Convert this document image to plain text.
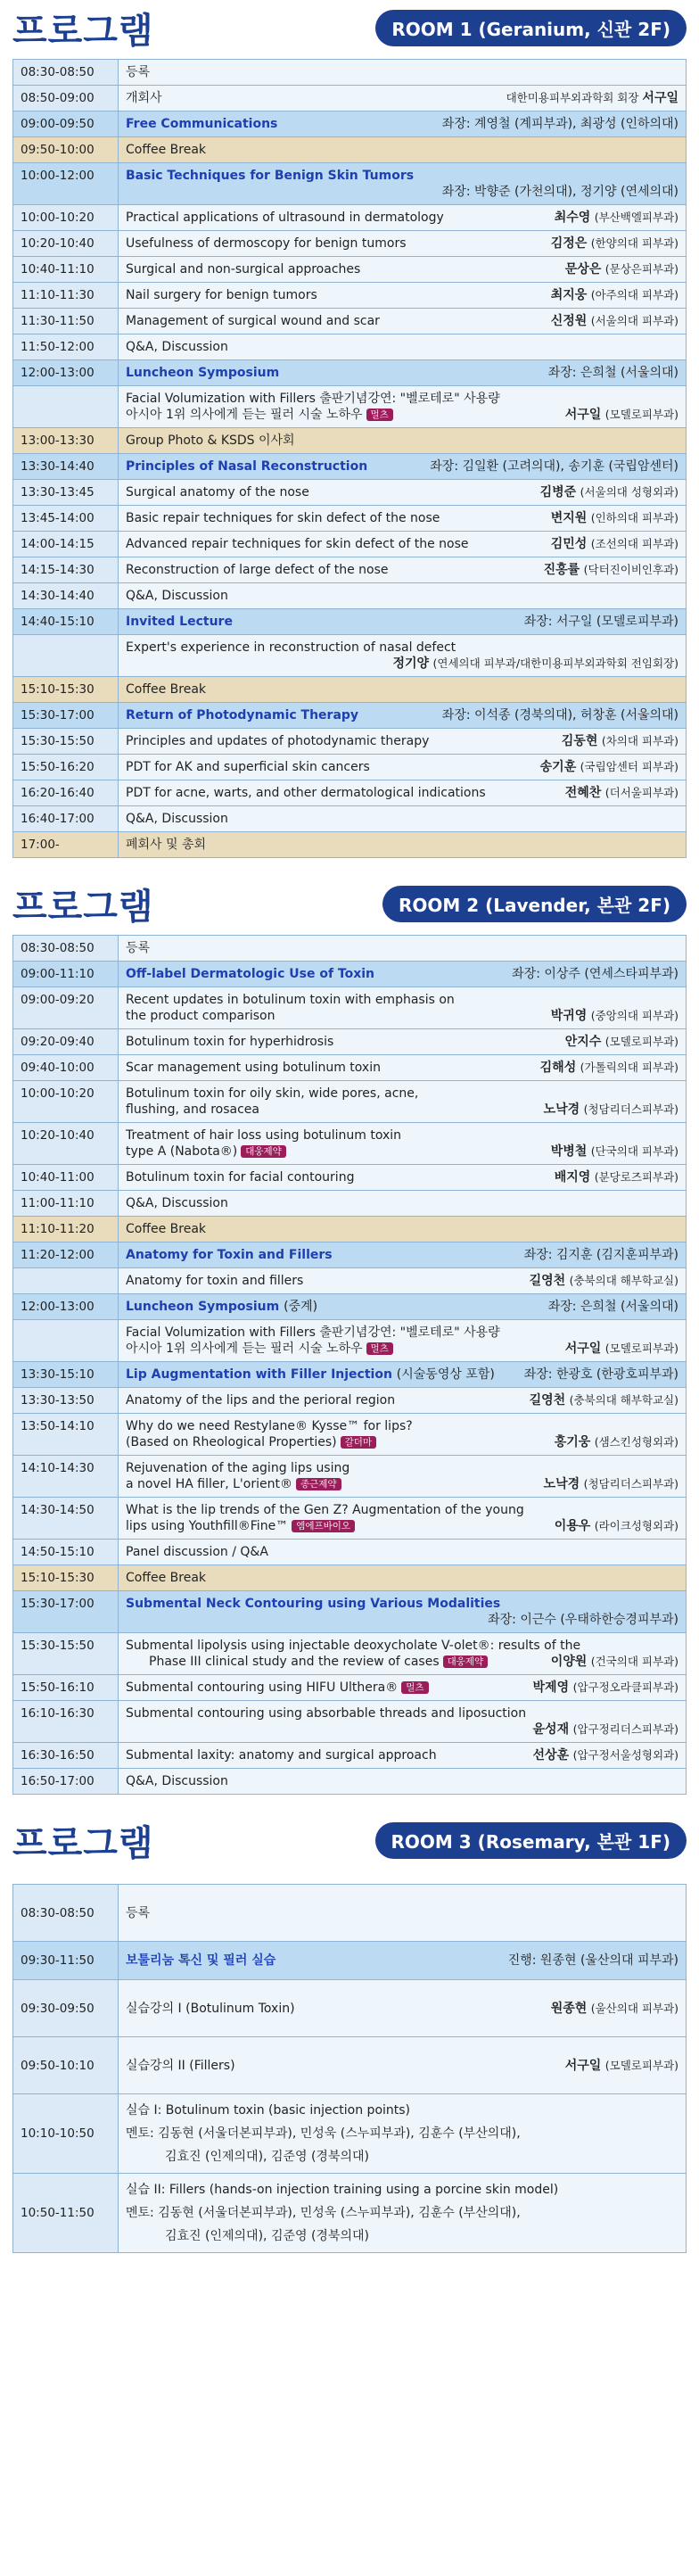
프로그램	ROOM 1 (Geranium, 신관 2F)
08:30-08:50	등록
08:50-09:00	개회사 대한미용피부외과학회 회장 서구일

09:00-09:50	Free Communications 좌장: 계영철 (계피부과), 최광성 (인하의대)

09:50-10:00	Coffee Break
10:00-12:00	Basic Techniques for Benign Skin Tumors
좌장: 박향준 (가천의대), 정기양 (연세의대)

10:00-10:20	Practical applications of ultrasound in dermatology 최수영 (부산백엘피부과)

10:20-10:40	Usefulness of dermoscopy for benign tumors 김정은 (한양의대 피부과)

10:40-11:10	Surgical and non-surgical approaches 문상은 (문상은피부과)

11:10-11:30	Nail surgery for benign tumors 최지웅 (아주의대 피부과)

11:30-11:50	Management of surgical wound and scar 신정원 (서울의대 피부과)

11:50-12:00	Q&A, Discussion
12:00-13:00	Luncheon Symposium 좌장: 은희철 (서울의대)

	Facial Volumization with Fillers 출판기념강연: "벨로테로" 사용량
아시아 1위 의사에게 듣는 필러 시술 노하우 멀츠 서구일 (모델로피부과)

13:00-13:30	Group Photo & KSDS 이사회
13:30-14:40	Principles of Nasal Reconstruction 좌장: 김일환 (고려의대), 송기훈 (국립암센터)

13:30-13:45	Surgical anatomy of the nose 김병준 (서울의대 성형외과)

13:45-14:00	Basic repair techniques for skin defect of the nose 변지원 (인하의대 피부과)

14:00-14:15	Advanced repair techniques for skin defect of the nose 김민성 (조선의대 피부과)

14:15-14:30	Reconstruction of large defect of the nose 진홍률 (닥터진이비인후과)

14:30-14:40	Q&A, Discussion
14:40-15:10	Invited Lecture 좌장: 서구일 (모델로피부과)

	Expert's experience in reconstruction of nasal defect
정기양 (연세의대 피부과/대한미용피부외과학회 전임회장)

15:10-15:30	Coffee Break
15:30-17:00	Return of Photodynamic Therapy 좌장: 이석종 (경북의대), 허창훈 (서울의대)

15:30-15:50	Principles and updates of photodynamic therapy 김동현 (차의대 피부과)

15:50-16:20	PDT for AK and superficial skin cancers 송기훈 (국립암센터 피부과)

16:20-16:40	PDT for acne, warts, and other dermatological indications 전혜찬 (더서울피부과)

16:40-17:00	Q&A, Discussion
17:00-	폐회사 및 총회
프로그램	ROOM 2 (Lavender, 본관 2F)
08:30-08:50	등록
09:00-11:10	Off-label Dermatologic Use of Toxin 좌장: 이상주 (연세스타피부과)

09:00-09:20	Recent updates in botulinum toxin with emphasis on
the product comparison 박귀영 (중앙의대 피부과)

09:20-09:40	Botulinum toxin for hyperhidrosis 안지수 (모델로피부과)

09:40-10:00	Scar management using botulinum toxin 김해성 (가톨릭의대 피부과)

10:00-10:20	Botulinum toxin for oily skin, wide pores, acne,
flushing, and rosacea 노낙경 (청담리더스피부과)

10:20-10:40	Treatment of hair loss using botulinum toxin
type A (Nabota®) 대웅제약 박병철 (단국의대 피부과)

10:40-11:00	Botulinum toxin for facial contouring 배지영 (분당로즈피부과)

11:00-11:10	Q&A, Discussion
11:10-11:20	Coffee Break
11:20-12:00	Anatomy for Toxin and Fillers 좌장: 김지훈 (김지훈피부과)

	Anatomy for toxin and fillers 길영천 (충북의대 해부학교실)

12:00-13:00	Luncheon Symposium (중계) 좌장: 은희철 (서울의대)

	Facial Volumization with Fillers 출판기념강연: "벨로테로" 사용량
아시아 1위 의사에게 듣는 필러 시술 노하우 멀츠 서구일 (모델로피부과)

13:30-15:10	Lip Augmentation with Filler Injection (시술동영상 포함) 좌장: 한광호 (한광호피부과)

13:30-13:50	Anatomy of the lips and the perioral region 길영천 (충북의대 해부학교실)

13:50-14:10	Why do we need Restylane® Kysse™ for lips?
(Based on Rheological Properties) 갈더마 홍기웅 (샘스킨성형외과)

14:10-14:30	Rejuvenation of the aging lips using
a novel HA filler, L'orient® 종근제약 노낙경 (청담리더스피부과)

14:30-14:50	What is the lip trends of the Gen Z? Augmentation of the young
lips using Youthfill®Fine™ 엠에프바이오 이용우 (라이크성형외과)

14:50-15:10	Panel discussion / Q&A
15:10-15:30	Coffee Break
15:30-17:00	Submental Neck Contouring using Various Modalities
좌장: 이근수 (우태하한승경피부과)

15:30-15:50	Submental lipolysis using injectable deoxycholate V-olet®: results of the
Phase III clinical study and the review of cases 대웅제약 이양원 (건국의대 피부과)

15:50-16:10	Submental contouring using HIFU Ulthera® 멀츠 박제영 (압구정오라클피부과)

16:10-16:30	Submental contouring using absorbable threads and liposuction
윤성재 (압구정리더스피부과)

16:30-16:50	Submental laxity: anatomy and surgical approach 선상훈 (압구정서울성형외과)

16:50-17:00	Q&A, Discussion
프로그램	ROOM 3 (Rosemary, 본관 1F)
08:30-08:50	등록
09:30-11:50	보툴리눔 톡신 및 필러 실습 진행: 원종현 (울산의대 피부과)

09:30-09:50	실습강의 I (Botulinum Toxin) 원종현 (울산의대 피부과)

09:50-10:10	실습강의 II (Fillers) 서구일 (모델로피부과)

10:10-10:50	실습 I: Botulinum toxin (basic injection points)
멘토: 김동현 (서울더본피부과), 민성욱 (스누피부과), 김훈수 (부산의대),
김효진 (인제의대), 김준영 (경북의대)

10:50-11:50	실습 II: Fillers (hands-on injection training using a porcine skin model)
멘토: 김동현 (서울더본피부과), 민성욱 (스누피부과), 김훈수 (부산의대),
김효진 (인제의대), 김준영 (경북의대)
